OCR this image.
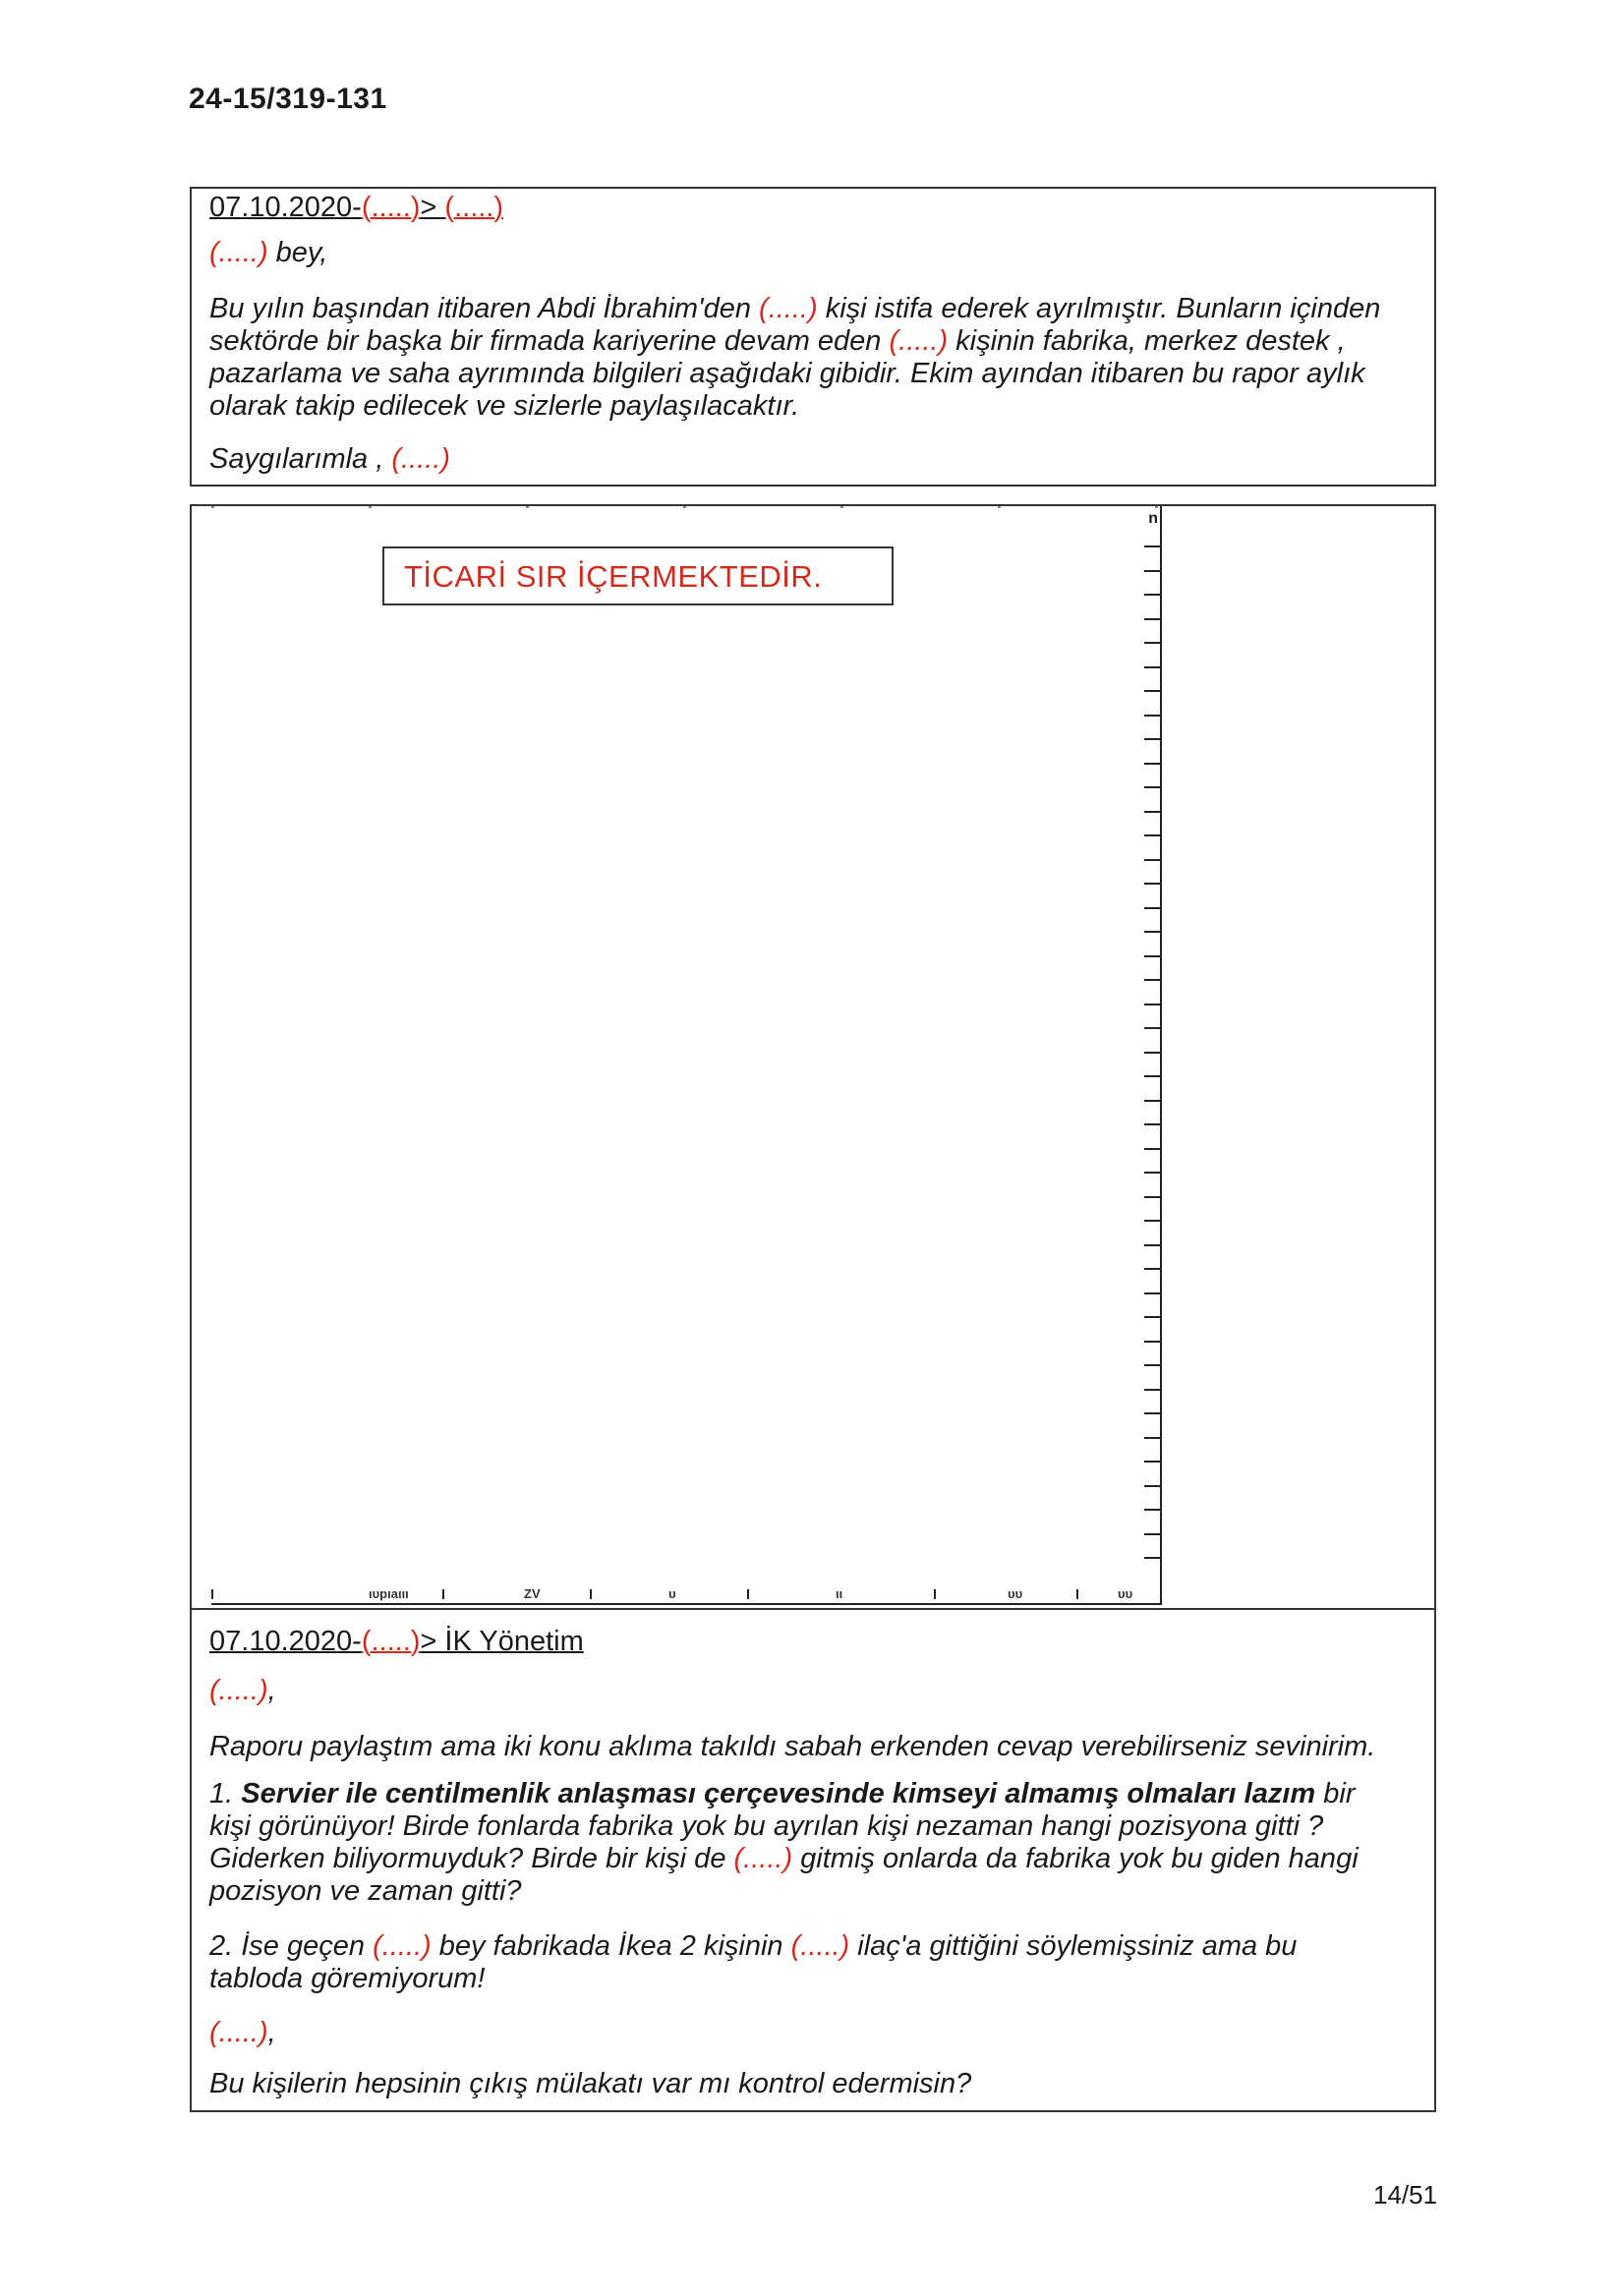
24-15/319-131
07.10.2020-(.....)> (.....)
(.....) bey,
Bu yılın başından itibaren Abdi İbrahim'den (.....) kişi istifa ederek ayrılmıştır. Bunların içinden
sektörde bir başka bir firmada kariyerine devam eden (.....) kişinin fabrika, merkez destek ,
pazarlama ve saha ayrımında bilgileri aşağıdaki gibidir. Ekim ayından itibaren bu rapor aylık
olarak takip edilecek ve sizlerle paylaşılacaktır.
Saygılarımla , (.....)
n
TİCARİ SIR İÇERMEKTEDİR.
ιυpιaιιι	ΖV	υ	ιι	υυ	υυ
07.10.2020-(.....)> İK Yönetim
(.....),
Raporu paylaştım ama iki konu aklıma takıldı sabah erkenden cevap verebilirseniz sevinirim.
1. Servier ile centilmenlik anlaşması çerçevesinde kimseyi almamış olmaları lazım bir
kişi görünüyor! Birde fonlarda fabrika yok bu ayrılan kişi nezaman hangi pozisyona gitti ?
Giderken biliyormuyduk? Birde bir kişi de (.....) gitmiş onlarda da fabrika yok bu giden hangi
pozisyon ve zaman gitti?
2. İse geçen (.....) bey fabrikada İkea 2 kişinin (.....) ilaç'a gittiğini söylemişsiniz ama bu
tabloda göremiyorum!
(.....),
Bu kişilerin hepsinin çıkış mülakatı var mı kontrol edermisin?
14/51
